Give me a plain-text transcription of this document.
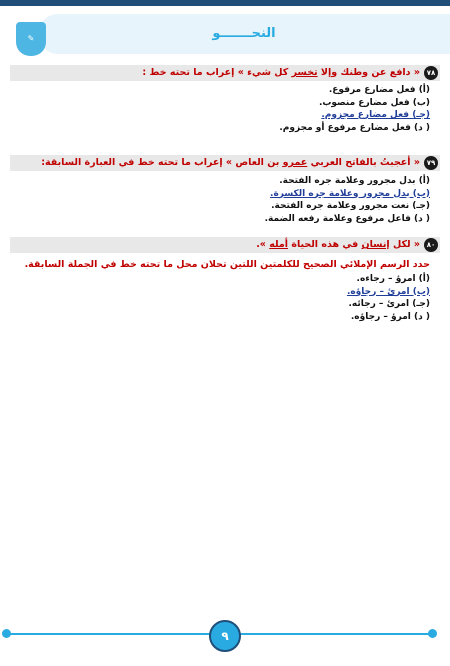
النحـــــــو
✎
٧٨
« دافع عن وطنك وإلا تخسر كل شيء » إعراب ما تحته خط :
(أ) فعل مضارع مرفوع.
(ب) فعل مضارع منصوب.
(جـ) فعل مضارع مجزوم.
( د) فعل مضارع مرفوع أو مجزوم.
٧٩
« أعجبتُ بالفاتح العربي عمرو بن العاص » إعراب ما تحته خط في العبارة السابقة:
(أ) بدل مجرور وعلامة جره الفتحة.
(ب) بدل مجرور وعلامة جره الكسرة.
(جـ) نعت مجرور وعلامة جره الفتحة.
( د) فاعل مرفوع وعلامة رفعه الضمة.
٨٠
« لكل إنسان في هذه الحياة أمله ».
حدد الرسم الإملائي الصحيح للكلمتين اللتين تحلان محل ما تحته خط في الجملة السابقة.
(أ) امرؤ – رجاءه.
(ب) امرئ – رجاؤه.
(جـ) امرئ – رجائه.
( د) امرؤ – رجاؤه.
٩
